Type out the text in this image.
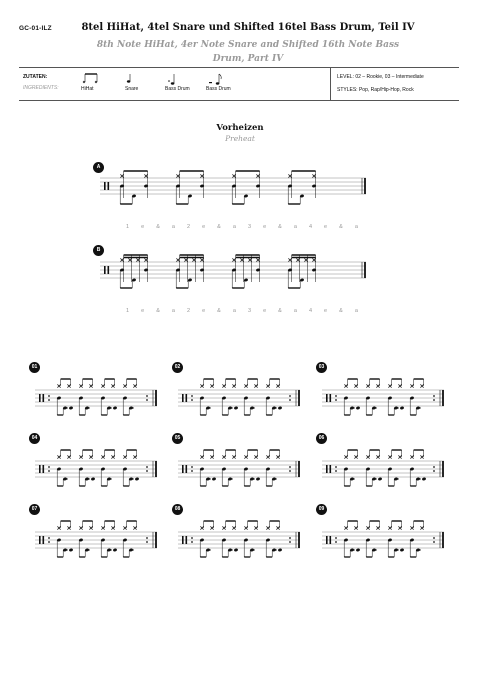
GC-01-ILZ	8tel HiHat, 4tel Snare und Shifted 16tel Bass Drum, Teil IV
8th Note HiHat, 4er Note Snare and Shifted 16th Note Bass Drum, Part IV
ZUTATEN:
INGREDIENTS:	HiHat	Snare	Bass Drum	Bass Drum
LEVEL: 02 – Rookie, 03 – Intermediate
STYLES: Pop, Rap/Hip-Hop, Rock
Vorheizen
Preheat
A
1 e & a 2 e & a 3 e & a 4 e & a
B
1 e & a 2 e & a 3 e & a 4 e & a
01	02	03
04	05	06
07	08	09
